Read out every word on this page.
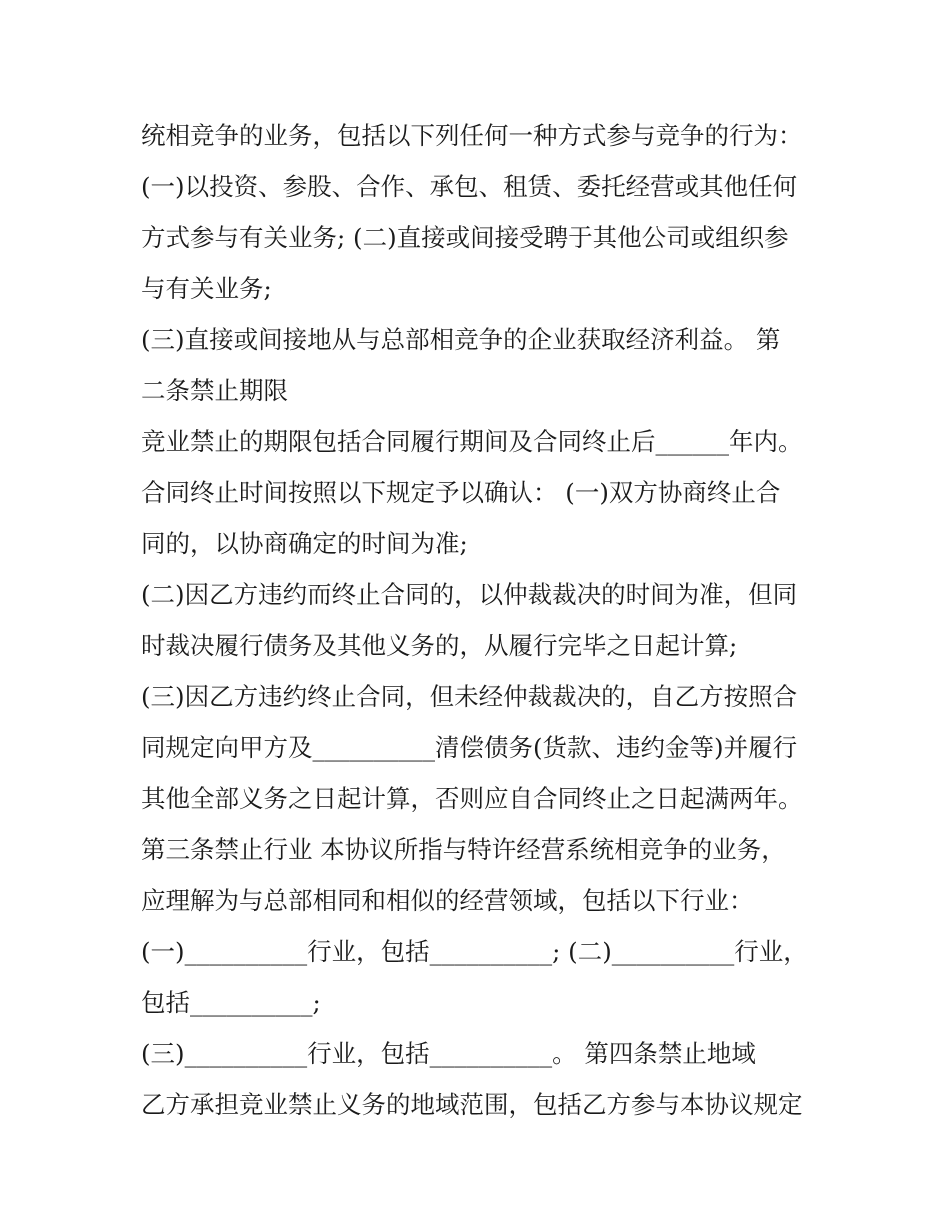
统相竞争的业务，包括以下列任何一种方式参与竞争的行为：
(一)以投资、参股、合作、承包、租赁、委托经营或其他任何
方式参与有关业务; (二)直接或间接受聘于其他公司或组织参
与有关业务;
(三)直接或间接地从与总部相竞争的企业获取经济利益。 第
二条禁止期限
竞业禁止的期限包括合同履行期间及合同终止后______年内。
合同终止时间按照以下规定予以确认： (一)双方协商终止合
同的，以协商确定的时间为准;
(二)因乙方违约而终止合同的，以仲裁裁决的时间为准，但同
时裁决履行债务及其他义务的，从履行完毕之日起计算;
(三)因乙方违约终止合同，但未经仲裁裁决的，自乙方按照合
同规定向甲方及__________清偿债务(货款、违约金等)并履行
其他全部义务之日起计算，否则应自合同终止之日起满两年。
第三条禁止行业 本协议所指与特许经营系统相竞争的业务，
应理解为与总部相同和相似的经营领域，包括以下行业：
(一)__________行业，包括__________; (二)__________行业，
包括__________;
(三)__________行业，包括__________。 第四条禁止地域
乙方承担竞业禁止义务的地域范围，包括乙方参与本协议规定
